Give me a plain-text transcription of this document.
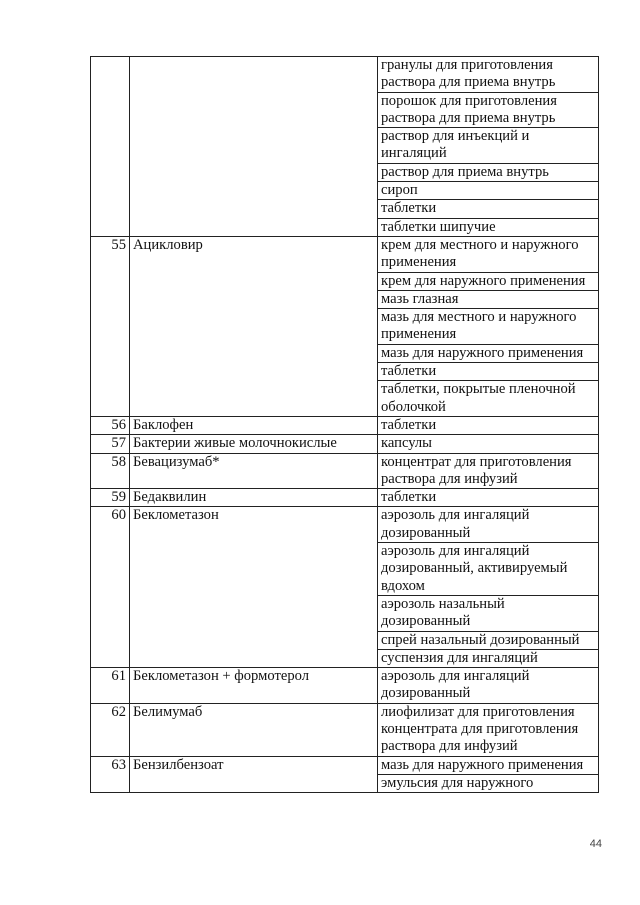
		гранулы для приготовления раствора для приема внутрь
		порошок для приготовления раствора для приема внутрь
		раствор для инъекций и ингаляций
		раствор для приема внутрь
		сироп
		таблетки
		таблетки шипучие
55	Ацикловир	крем для местного и наружного применения
		крем для наружного применения
		мазь глазная
		мазь для местного и наружного применения
		мазь для наружного применения
		таблетки
		таблетки, покрытые пленочной оболочкой
56	Баклофен	таблетки
57	Бактерии живые молочнокислые	капсулы
58	Бевацизумаб*	концентрат для приготовления раствора для инфузий
59	Бедаквилин	таблетки
60	Беклометазон	аэрозоль для ингаляций дозированный
		аэрозоль для ингаляций дозированный, активируемый вдохом
		аэрозоль назальный дозированный
		спрей назальный дозированный
		суспензия для ингаляций
61	Беклометазон + формотерол	аэрозоль для ингаляций дозированный
62	Белимумаб	лиофилизат для приготовления концентрата для приготовления раствора для инфузий
63	Бензилбензоат	мазь для наружного применения
		эмульсия для наружного
44
